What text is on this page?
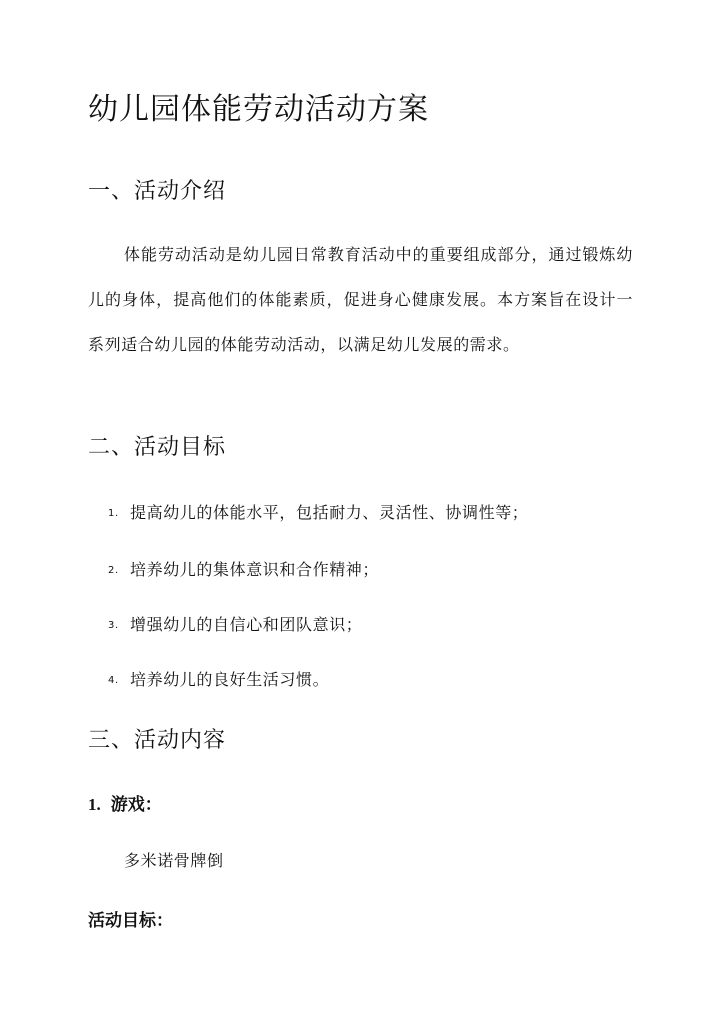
幼儿园体能劳动活动方案
一、活动介绍

体能劳动活动是幼儿园日常教育活动中的重要组成部分，通过锻炼幼儿的身体，提高他们的体能素质，促进身心健康发展。本方案旨在设计一系列适合幼儿园的体能劳动活动，以满足幼儿发展的需求。

二、活动目标
1. 提高幼儿的体能水平，包括耐力、灵活性、协调性等；
2. 培养幼儿的集体意识和合作精神；
3. 增强幼儿的自信心和团队意识；
4. 培养幼儿的良好生活习惯。
三、活动内容
1. 游戏：

多米诺骨牌倒

活动目标：
